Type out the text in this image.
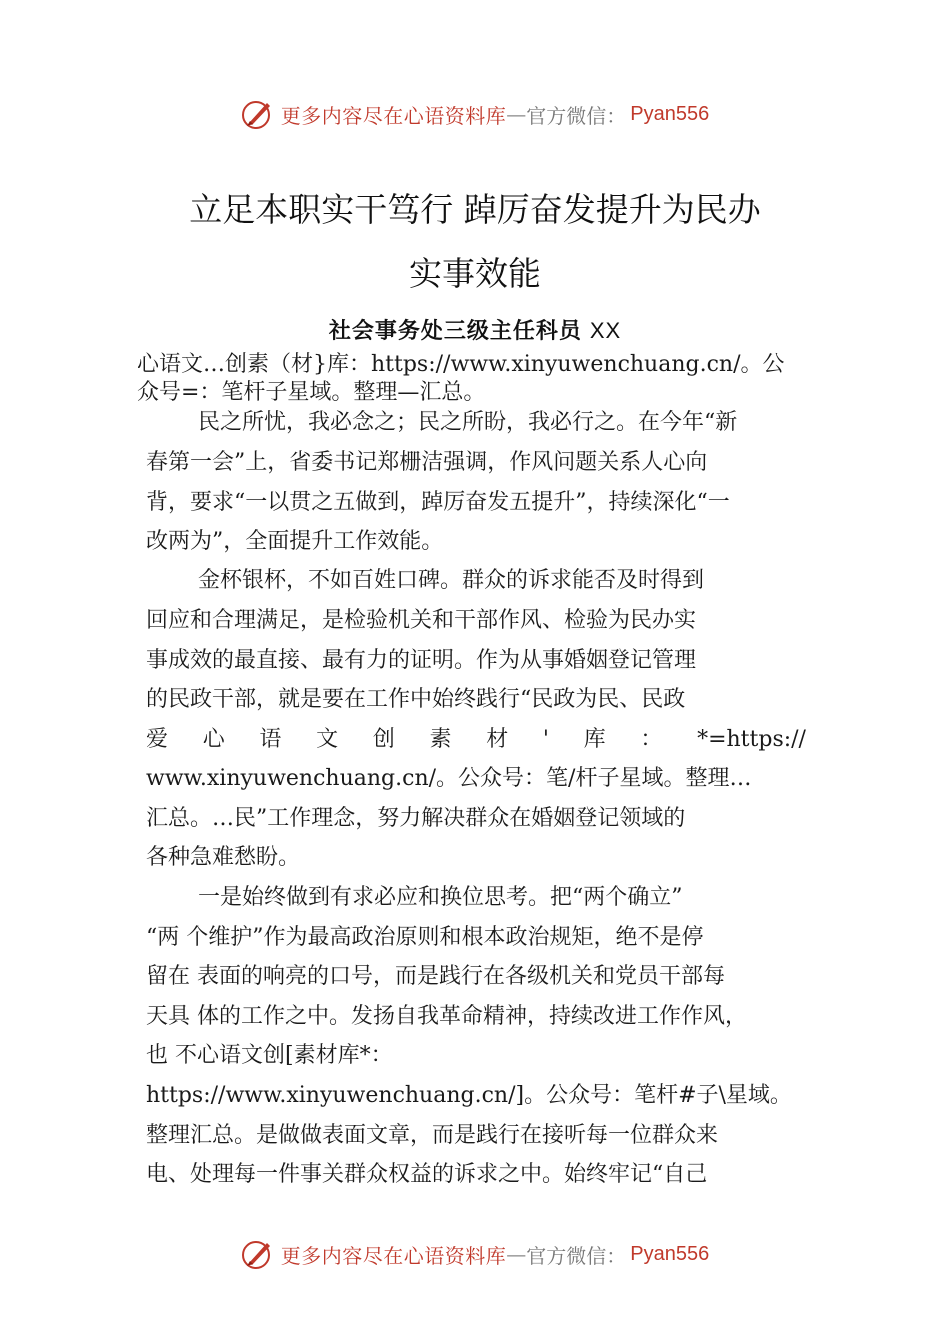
更多内容尽在心语资料库 — 官方微信： Pyan556
立足本职实干笃行 踔厉奋发提升为民办
实事效能
社会事务处三级主任科员 XX
心语文…创素（材}库：https://www.xinyuwenchuang.cn/。公
众号=：笔杆子星域。整理—汇总。
民之所忧，我必念之；民之所盼，我必行之。在今年“新
春第一会”上，省委书记郑栅洁强调，作风问题关系人心向
背，要求“一以贯之五做到，踔厉奋发五提升”，持续深化“一
改两为”，全面提升工作效能。
金杯银杯，不如百姓口碑。群众的诉求能否及时得到
回应和合理满足，是检验机关和干部作风、检验为民办实
事成效的最直接、最有力的证明。作为从事婚姻登记管理
的民政干部，就是要在工作中始终践行“民政为民、民政
爱 心 语 文 创 素 材 ' 库 ： *=https://
www.xinyuwenchuang.cn/。公众号：笔/杆子星域。整理…
汇总。…民”工作理念，努力解决群众在婚姻登记领域的
各种急难愁盼。
一是始终做到有求必应和换位思考。把“两个确立”
“两 个维护”作为最高政治原则和根本政治规矩，绝不是停
留在 表面的响亮的口号，而是践行在各级机关和党员干部每
天具 体的工作之中。发扬自我革命精神，持续改进工作作风，
也 不心语文创[素材库*：
https://www.xinyuwenchuang.cn/]。公众号：笔杆#子\星域。
整理汇总。是做做表面文章，而是践行在接听每一位群众来
电、处理每一件事关群众权益的诉求之中。始终牢记“自己
更多内容尽在心语资料库 — 官方微信： Pyan556
